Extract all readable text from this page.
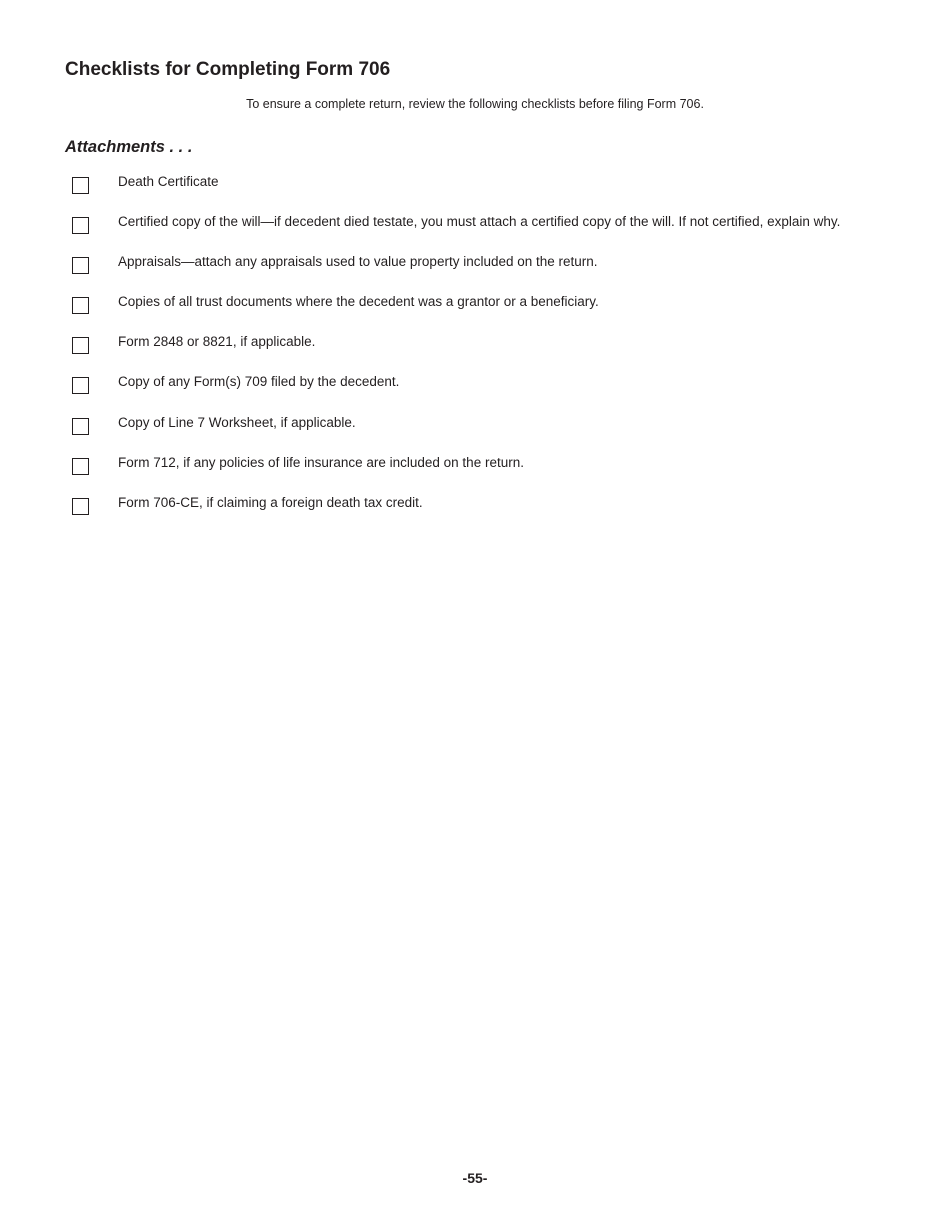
Checklists for Completing Form 706
To ensure a complete return, review the following checklists before filing Form 706.
Attachments . . .
Death Certificate
Certified copy of the will—if decedent died testate, you must attach a certified copy of the will. If not certified, explain why.
Appraisals—attach any appraisals used to value property included on the return.
Copies of all trust documents where the decedent was a grantor or a beneficiary.
Form 2848 or 8821, if applicable.
Copy of any Form(s) 709 filed by the decedent.
Copy of Line 7 Worksheet, if applicable.
Form 712, if any policies of life insurance are included on the return.
Form 706-CE, if claiming a foreign death tax credit.
-55-
